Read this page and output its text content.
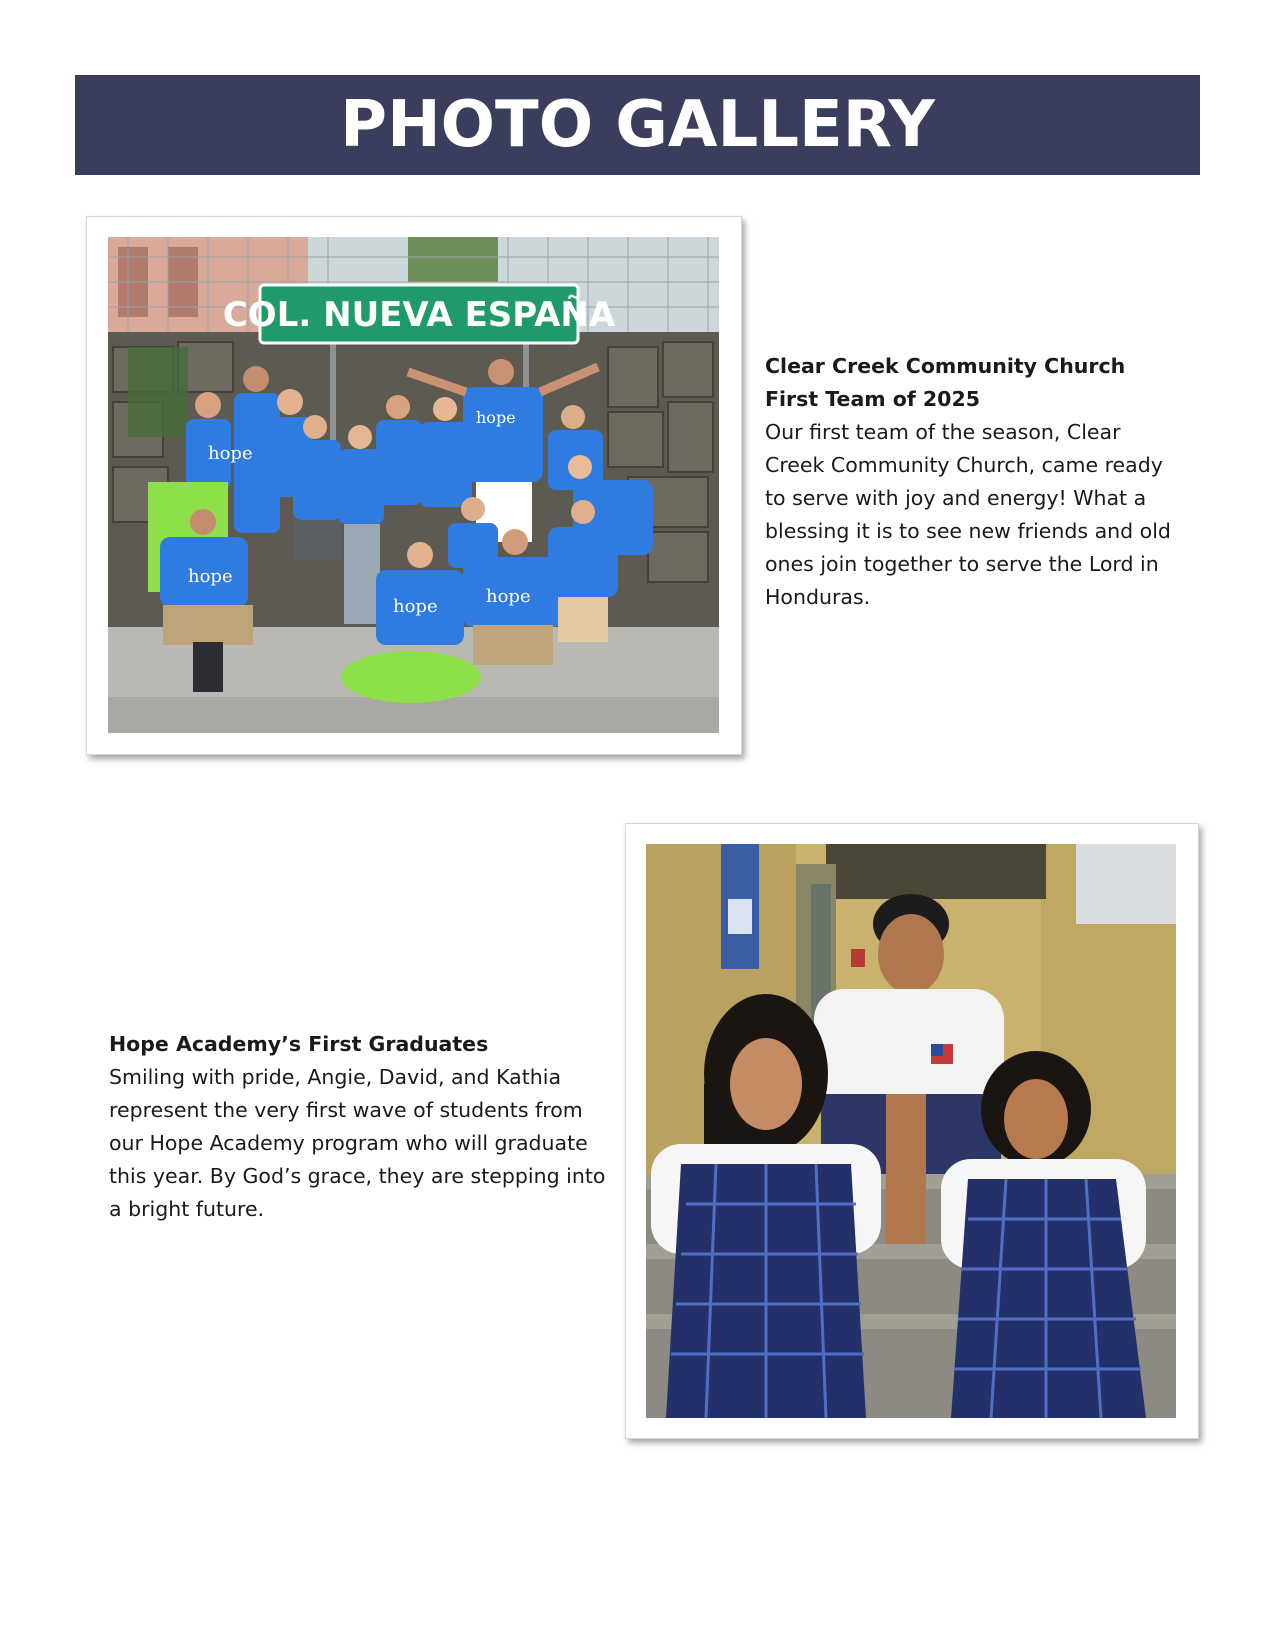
PHOTO GALLERY
COL. NUEVA ESPAÑA
hope
hope
hope
hope	hope
Clear Creek Community Church
First Team of 2025
Our first team of the season, Clear Creek Community Church, came ready to serve with joy and energy! What a blessing it is to see new friends and old ones join together to serve the Lord in Honduras.
Hope Academy’s First Graduates
Smiling with pride, Angie, David, and Kathia represent the very first wave of students from our Hope Academy program who will graduate this year. By God’s grace, they are stepping into a bright future.
